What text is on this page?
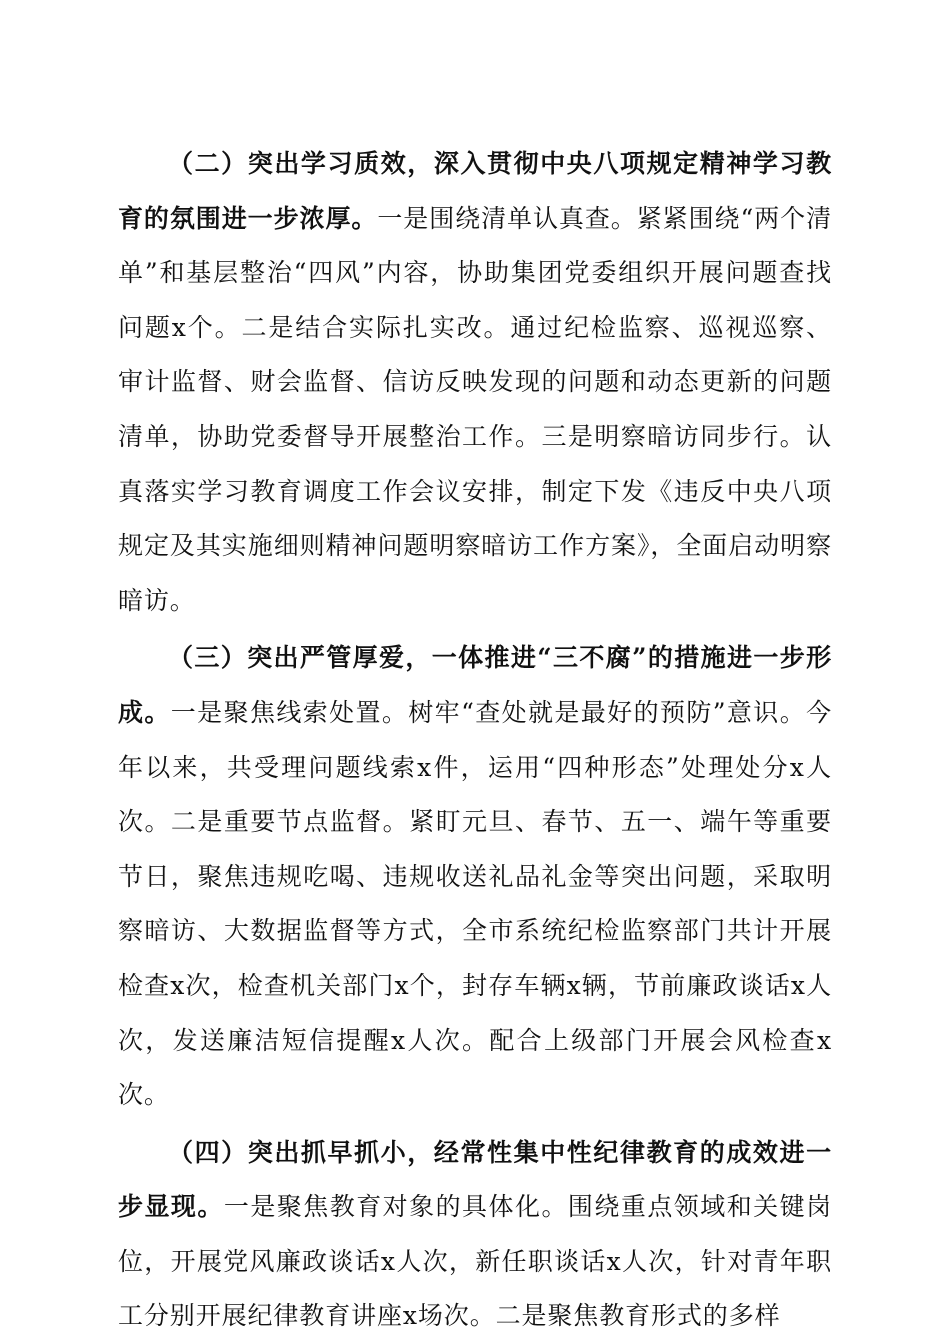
（二）突出学习质效，深入贯彻中央八项规定精神学习教育的氛围进一步浓厚。一是围绕清单认真查。紧紧围绕“两个清单”和基层整治“四风”内容，协助集团党委组织开展问题查找问题x个。二是结合实际扎实改。通过纪检监察、巡视巡察、审计监督、财会监督、信访反映发现的问题和动态更新的问题清单，协助党委督导开展整治工作。三是明察暗访同步行。认真落实学习教育调度工作会议安排，制定下发《违反中央八项规定及其实施细则精神问题明察暗访工作方案》，全面启动明察暗访。

（三）突出严管厚爱，一体推进“三不腐”的措施进一步形成。一是聚焦线索处置。树牢“查处就是最好的预防”意识。今年以来，共受理问题线索x件，运用“四种形态”处理处分x人次。二是重要节点监督。紧盯元旦、春节、五一、端午等重要节日，聚焦违规吃喝、违规收送礼品礼金等突出问题，采取明察暗访、大数据监督等方式，全市系统纪检监察部门共计开展检查x次，检查机关部门x个，封存车辆x辆，节前廉政谈话x人次，发送廉洁短信提醒x人次。配合上级部门开展会风检查x次。

（四）突出抓早抓小，经常性集中性纪律教育的成效进一步显现。一是聚焦教育对象的具体化。围绕重点领域和关键岗位，开展党风廉政谈话x人次，新任职谈话x人次，针对青年职工分别开展纪律教育讲座x场次。二是聚焦教育形式的多样
